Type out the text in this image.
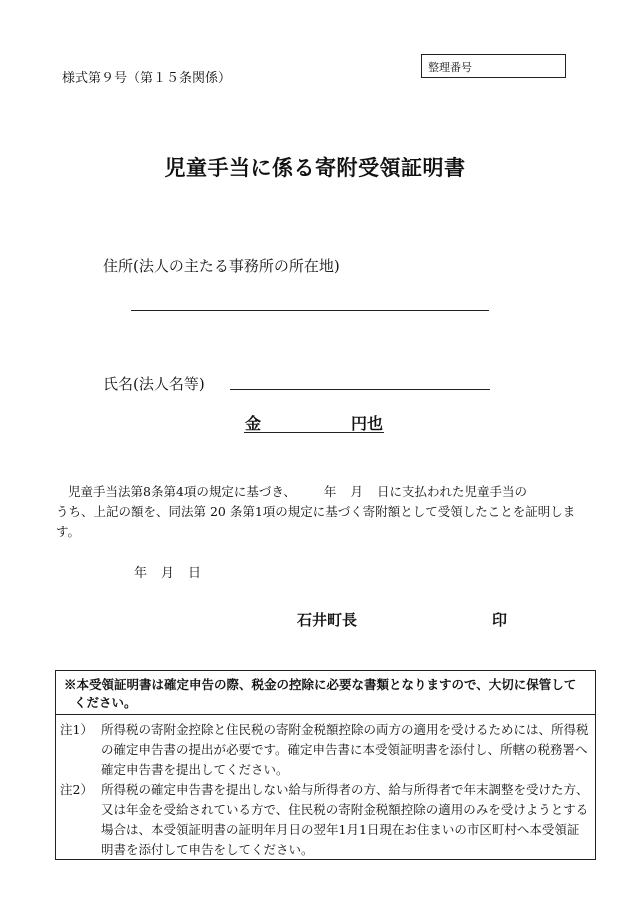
様式第９号（第１５条関係）
整理番号
児童手当に係る寄附受領証明書
住所(法人の主たる事務所の所在地)
氏名(法人名等)
金	円也

児童手当法第8条第4項の規定に基づき、 年 月 日に支払われた児童手当の

うち、上記の額を、同法第 20 条第1項の規定に基づく寄附額として受領したことを証明しま

す。

年 月 日
石井町長	印
※本受領証明書は確定申告の際、税金の控除に必要な書類となりますので、大切に保管して
ください。
注1） 所得税の寄附金控除と住民税の寄附金税額控除の両方の適用を受けるためには、所得税の確定申告書の提出が必要です。確定申告書に本受領証明書を添付し、所轄の税務署へ確定申告書を提出してください。
注2） 所得税の確定申告書を提出しない給与所得者の方、給与所得者で年末調整を受けた方、又は年金を受給されている方で、住民税の寄附金税額控除の適用のみを受けようとする場合は、本受領証明書の証明年月日の翌年1月1日現在お住まいの市区町村へ本受領証明書を添付して申告をしてください。
